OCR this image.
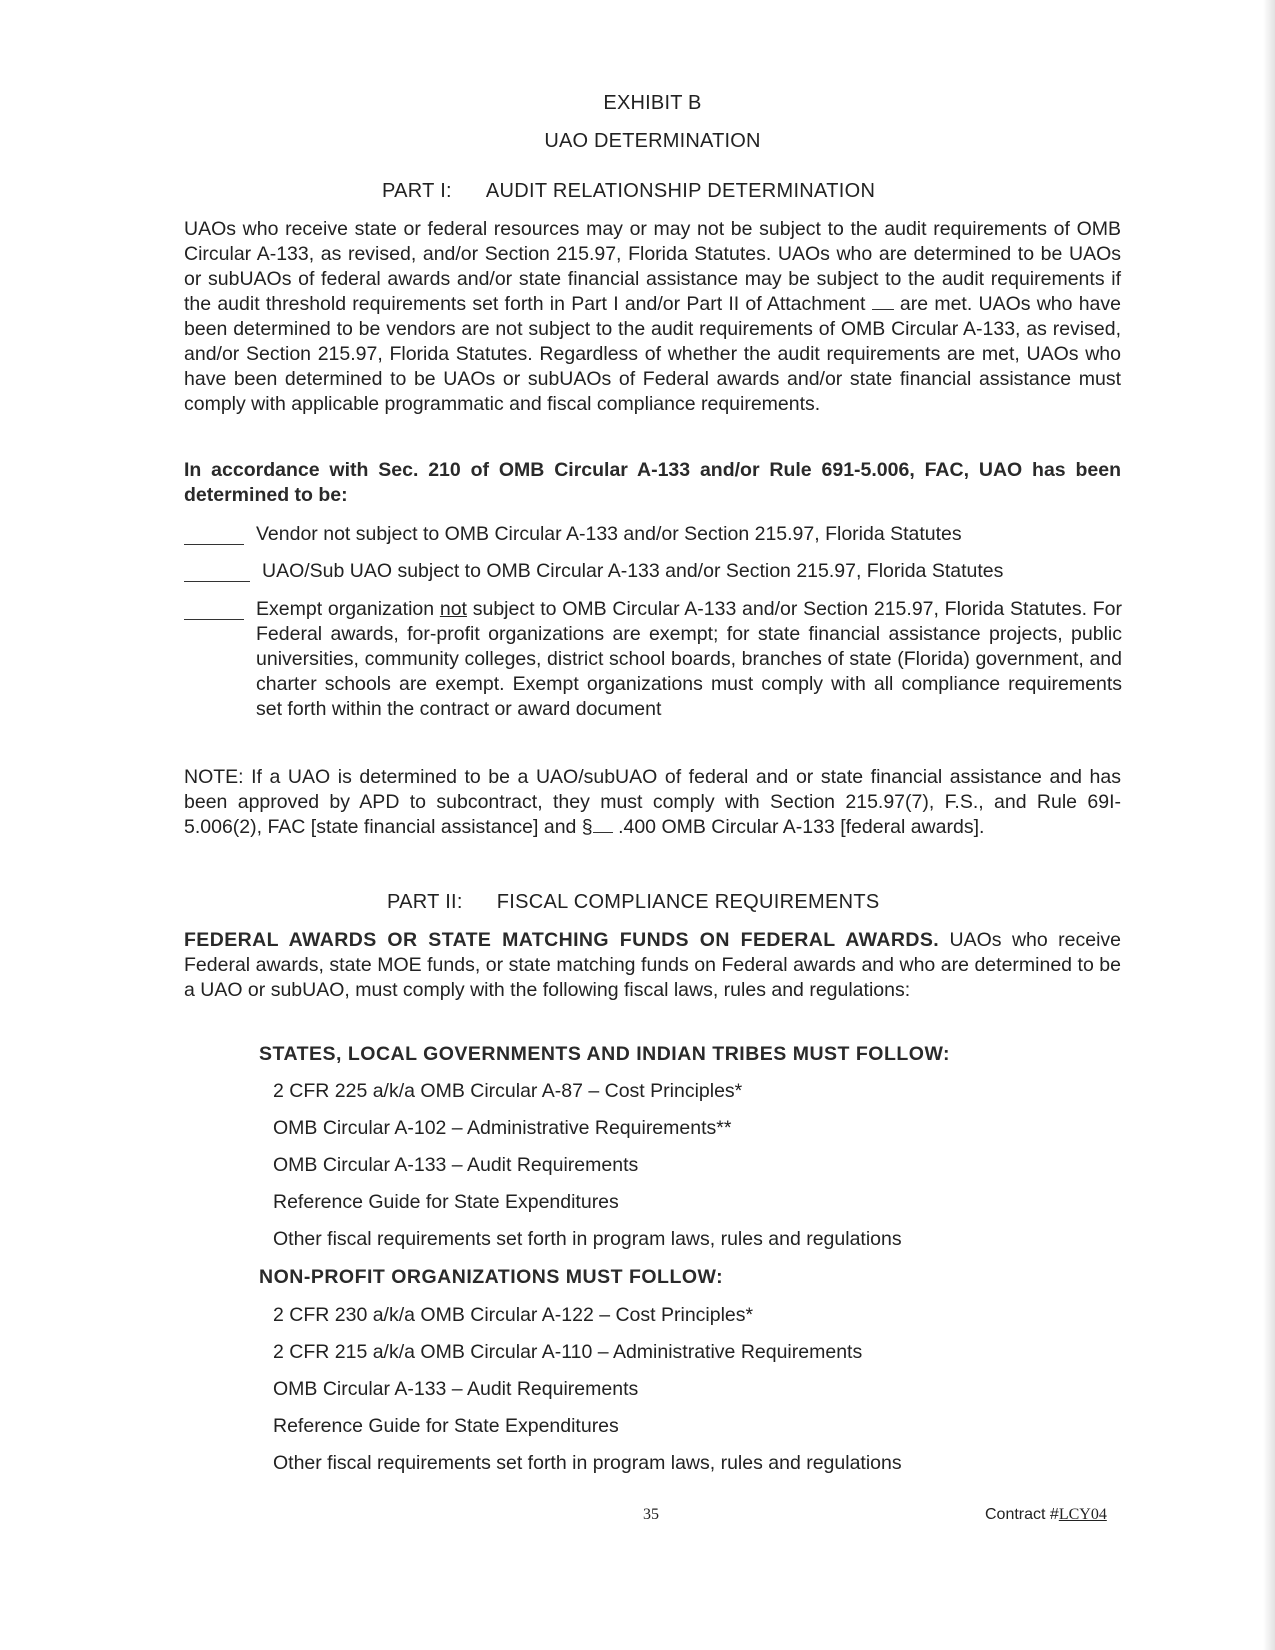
EXHIBIT B
UAO DETERMINATION
PART I: AUDIT RELATIONSHIP DETERMINATION

UAOs who receive state or federal resources may or may not be subject to the audit requirements of OMB Circular A-133, as revised, and/or Section 215.97, Florida Statutes. UAOs who are determined to be UAOs or subUAOs of federal awards and/or state financial assistance may be subject to the audit requirements if the audit threshold requirements set forth in Part I and/or Part II of Attachment are met. UAOs who have been determined to be vendors are not subject to the audit requirements of OMB Circular A-133, as revised, and/or Section 215.97, Florida Statutes. Regardless of whether the audit requirements are met, UAOs who have been determined to be UAOs or subUAOs of Federal awards and/or state financial assistance must comply with applicable programmatic and fiscal compliance requirements.

In accordance with Sec. 210 of OMB Circular A-133 and/or Rule 691-5.006, FAC, UAO has been determined to be:

Vendor not subject to OMB Circular A-133 and/or Section 215.97, Florida Statutes
UAO/Sub UAO subject to OMB Circular A-133 and/or Section 215.97, Florida Statutes
Exempt organization not subject to OMB Circular A-133 and/or Section 215.97, Florida Statutes. For Federal awards, for-profit organizations are exempt; for state financial assistance projects, public universities, community colleges, district school boards, branches of state (Florida) government, and charter schools are exempt. Exempt organizations must comply with all compliance requirements set forth within the contract or award document

NOTE: If a UAO is determined to be a UAO/subUAO of federal and or state financial assistance and has been approved by APD to subcontract, they must comply with Section 215.97(7), F.S., and Rule 69I-5.006(2), FAC [state financial assistance] and § .400 OMB Circular A-133 [federal awards].

PART II: FISCAL COMPLIANCE REQUIREMENTS

FEDERAL AWARDS OR STATE MATCHING FUNDS ON FEDERAL AWARDS. UAOs who receive Federal awards, state MOE funds, or state matching funds on Federal awards and who are determined to be a UAO or subUAO, must comply with the following fiscal laws, rules and regulations:

STATES, LOCAL GOVERNMENTS AND INDIAN TRIBES MUST FOLLOW:
2 CFR 225 a/k/a OMB Circular A-87 – Cost Principles*
OMB Circular A-102 – Administrative Requirements**
OMB Circular A-133 – Audit Requirements
Reference Guide for State Expenditures
Other fiscal requirements set forth in program laws, rules and regulations
NON-PROFIT ORGANIZATIONS MUST FOLLOW:
2 CFR 230 a/k/a OMB Circular A-122 – Cost Principles*
2 CFR 215 a/k/a OMB Circular A-110 – Administrative Requirements
OMB Circular A-133 – Audit Requirements
Reference Guide for State Expenditures
Other fiscal requirements set forth in program laws, rules and regulations
35	Contract #LCY04
